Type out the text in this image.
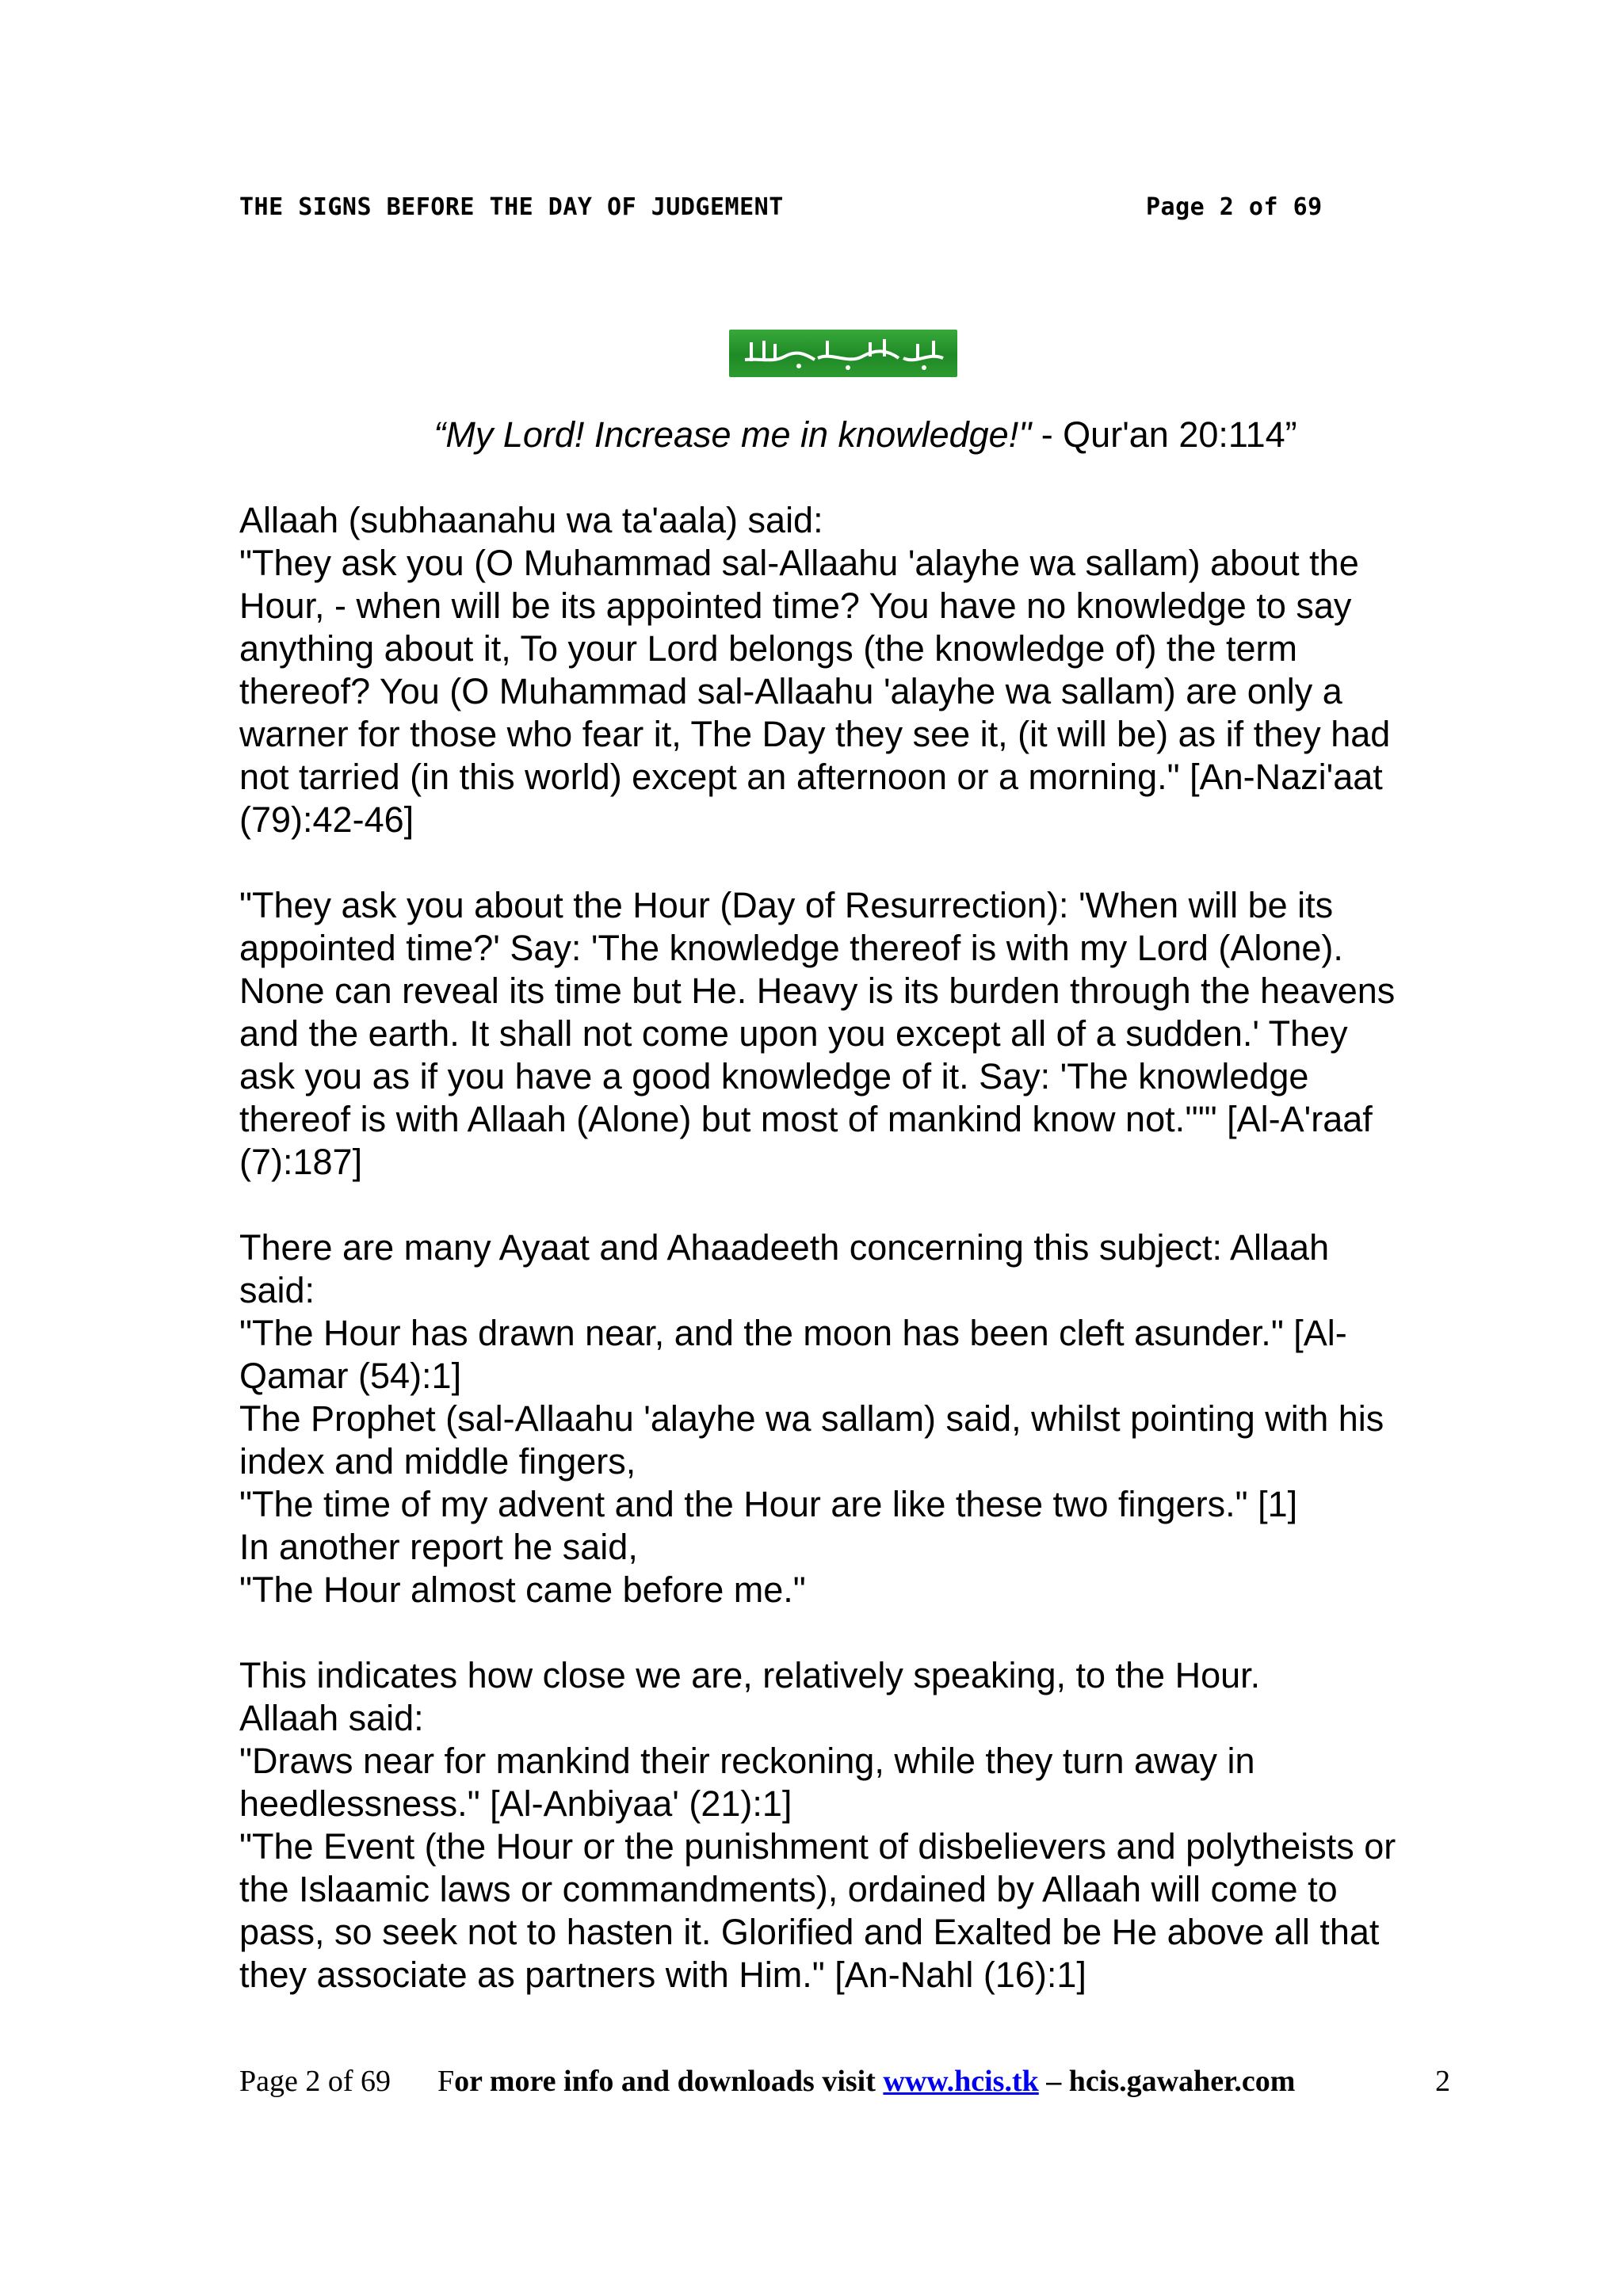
THE SIGNS BEFORE THE DAY OF JUDGEMENT	Page 2 of 69

“My Lord! Increase me in knowledge!" - Qur'an 20:114”

Allaah (subhaanahu wa ta'aala) said:
"They ask you (O Muhammad sal-Allaahu 'alayhe wa sallam) about the
Hour, - when will be its appointed time? You have no knowledge to say
anything about it, To your Lord belongs (the knowledge of) the term
thereof? You (O Muhammad sal-Allaahu 'alayhe wa sallam) are only a
warner for those who fear it, The Day they see it, (it will be) as if they had
not tarried (in this world) except an afternoon or a morning." [An-Nazi'aat
(79):42-46]

"They ask you about the Hour (Day of Resurrection): 'When will be its
appointed time?' Say: 'The knowledge thereof is with my Lord (Alone).
None can reveal its time but He. Heavy is its burden through the heavens
and the earth. It shall not come upon you except all of a sudden.' They
ask you as if you have a good knowledge of it. Say: 'The knowledge
thereof is with Allaah (Alone) but most of mankind know not.'"" [Al-A'raaf
(7):187]

There are many Ayaat and Ahaadeeth concerning this subject: Allaah
said:
"The Hour has drawn near, and the moon has been cleft asunder." [Al-
Qamar (54):1]
The Prophet (sal-Allaahu 'alayhe wa sallam) said, whilst pointing with his
index and middle fingers,
"The time of my advent and the Hour are like these two fingers." [1]
In another report he said,
"The Hour almost came before me."

This indicates how close we are, relatively speaking, to the Hour.
Allaah said:
"Draws near for mankind their reckoning, while they turn away in
heedlessness." [Al-Anbiyaa' (21):1]
"The Event (the Hour or the punishment of disbelievers and polytheists or
the Islaamic laws or commandments), ordained by Allaah will come to
pass, so seek not to hasten it. Glorified and Exalted be He above all that
they associate as partners with Him." [An-Nahl (16):1]

Page 2 of 69 For more info and downloads visit www.hcis.tk – hcis.gawaher.com	2
